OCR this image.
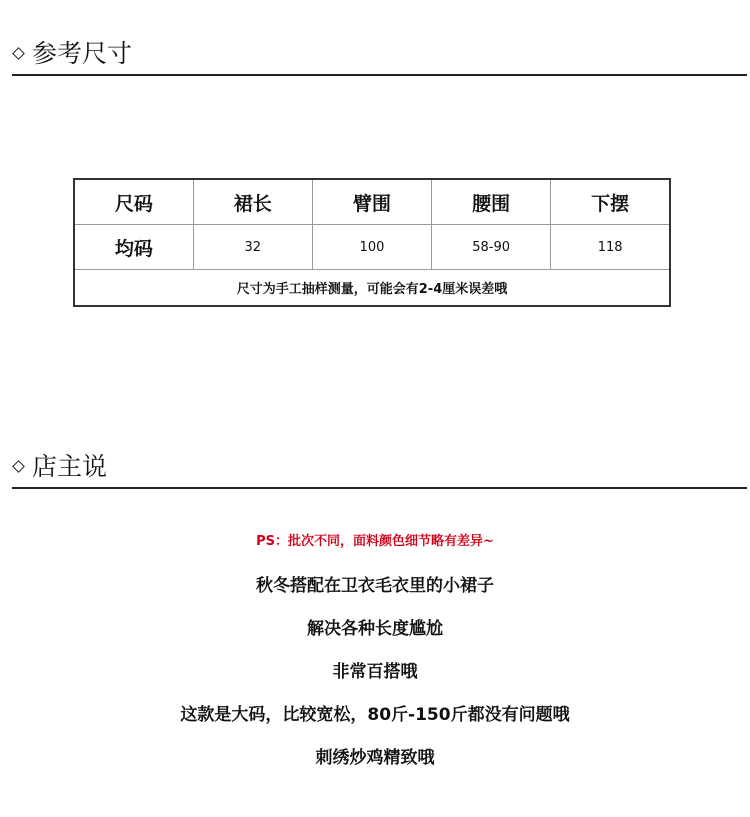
参考尺寸
尺码	裙长	臂围	腰围	下摆
均码	32	100	58-90	118
尺寸为手工抽样测量，可能会有2-4厘米误差哦				
店主说
PS：批次不同，面料颜色细节略有差异~
秋冬搭配在卫衣毛衣里的小裙子
解决各种长度尴尬
非常百搭哦
这款是大码，比较宽松，80斤-150斤都没有问题哦
刺绣炒鸡精致哦
